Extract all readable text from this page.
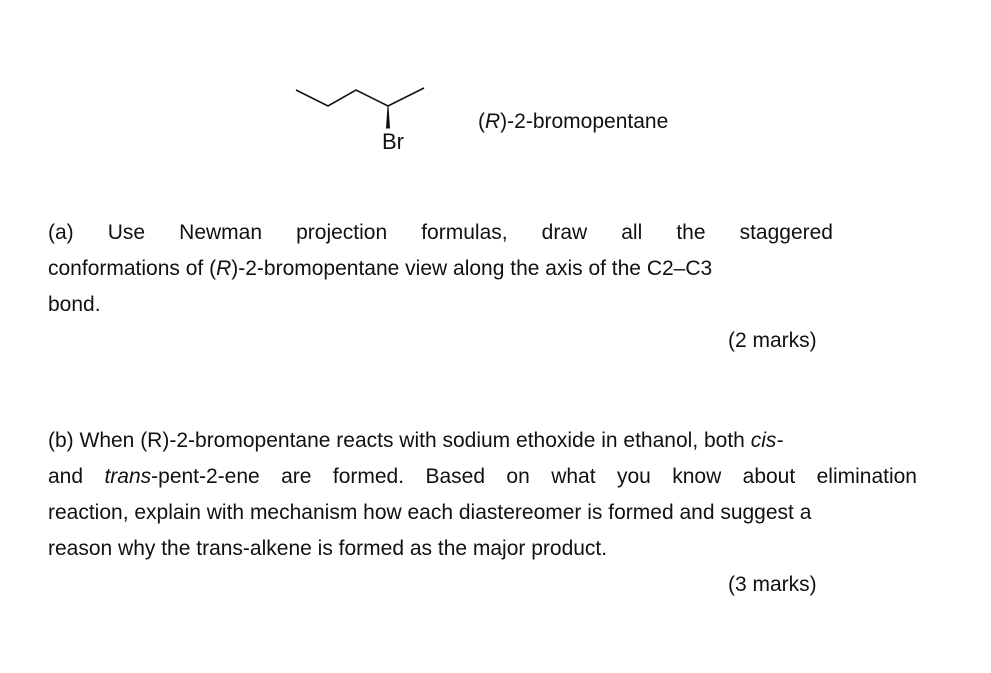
Br
(R)-2-bromopentane
(a) Use Newman projection formulas, draw all the staggered
conformations of (R)-2-bromopentane view along the axis of the C2–C3
bond.
(2 marks)
(b) When (R)-2-bromopentane reacts with sodium ethoxide in ethanol, both cis-
and trans-pent-2-ene are formed. Based on what you know about elimination
reaction, explain with mechanism how each diastereomer is formed and suggest a
reason why the trans-alkene is formed as the major product.
(3 marks)
